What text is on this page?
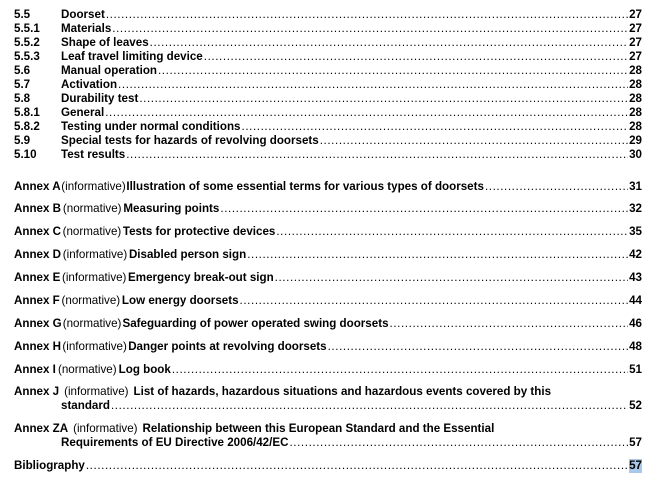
5.5	Doorset .....	27
5.5.1	Materials .....	27
5.5.2	Shape of leaves .....	27
5.5.3	Leaf travel limiting device .....	27
5.6	Manual operation .....	28
5.7	Activation .....	28
5.8	Durability test .....	28
5.8.1	General .....	28
5.8.2	Testing under normal conditions .....	28
5.9	Special tests for hazards of revolving doorsets .....	29
5.10	Test results .....	30
Annex A (informative) Illustration of some essential terms for various types of doorsets .....	31
Annex B (normative) Measuring points .....	32
Annex C (normative) Tests for protective devices .....	35
Annex D (informative) Disabled person sign .....	42
Annex E (informative) Emergency break-out sign .....	43
Annex F (normative) Low energy doorsets .....	44
Annex G (normative) Safeguarding of power operated swing doorsets .....	46
Annex H (informative) Danger points at revolving doorsets .....	48
Annex I (normative) Log book .....	51
Annex J (informative) List of hazards, hazardous situations and hazardous events covered by this
standard .....	52
Annex ZA (informative) Relationship between this European Standard and the Essential
Requirements of EU Directive 2006/42/EC .....	57
Bibliography .....	57
